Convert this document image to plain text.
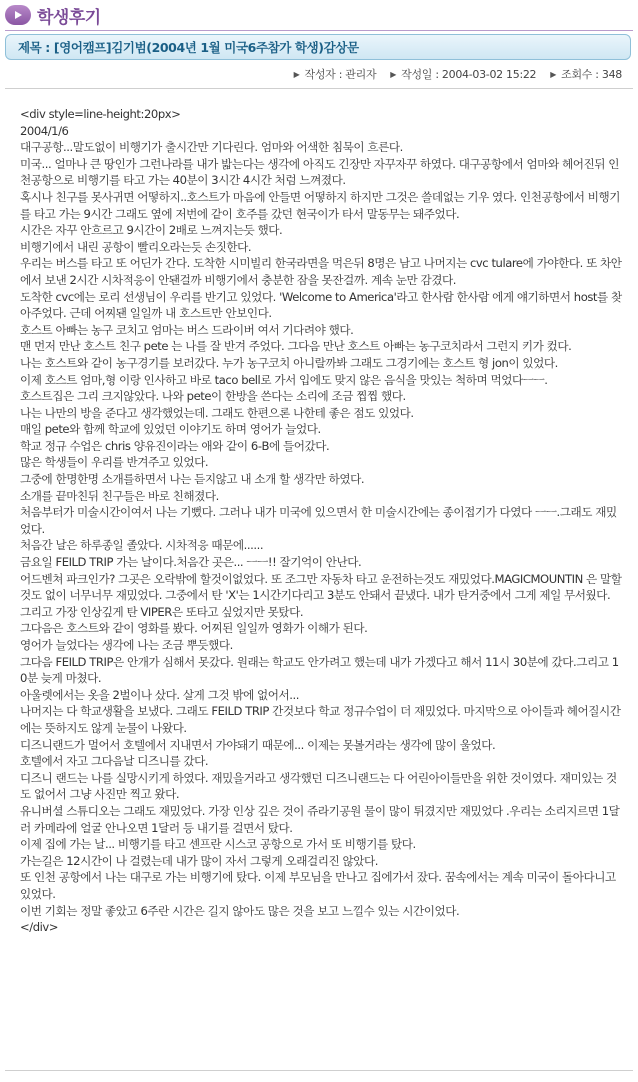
학생후기
제목 : [영어캠프]김기범(2004년 1월 미국6주참가 학생)감상문
▶ 작성자 : 관리자 ▶ 작성일 : 2004-03-02 15:22 ▶ 조회수 : 348

<div style=line-height:20px>

2004/1/6

대구공항...말도없이 비행기가 출시간만 기다린다. 엄마와 어색한 침묵이 흐른다.

미국... 얼마나 큰 땅인가 그런나라를 내가 밟는다는 생각에 아직도 긴장만 자꾸자꾸 하였다. 대구공항에서 엄마와 헤어진뒤 인천공항으로 비행기를 타고 가는 40분이 3시간 4시간 처럼 느껴졌다.

혹시나 친구를 못사귀면 어떻하지..호스트가 마음에 안들면 어떻하지 하지만 그것은 쓸데없는 기우 였다. 인천공항에서 비행기를 타고 가는 9시간 그래도 옆에 저번에 같이 호주를 갔던 현국이가 타서 말동무는 돼주었다.

시간은 자꾸 안흐르고 9시간이 2배로 느껴지는듯 했다.

비행기에서 내린 공항이 빨리오라는듯 손짓한다.

우리는 버스를 타고 또 어딘가 간다. 도착한 시미빌리 한국라면을 먹은뒤 8명은 남고 나머지는 cvc tulare에 가야한다. 또 차안에서 보낸 2시간 시차적응이 안됀걸까 비행기에서 충분한 잠을 못잔걸까. 계속 눈만 감겼다.

도착한 cvc에는 로리 선생님이 우리를 반기고 있었다. 'Welcome to America'라고 한사람 한사람 에게 얘기하면서 host를 찾아주었다. 근데 어찌됀 일일까 내 호스트만 안보인다.

호스트 아빠는 농구 코치고 엄마는 버스 드라이버 여서 기다려야 했다.

맨 먼저 만난 호스트 친구 pete 는 나를 잘 반겨 주었다. 그다음 만난 호스트 아빠는 농구코치라서 그런지 키가 컸다.

나는 호스트와 같이 농구경기를 보러갔다. 누가 농구코치 아니랄까봐 그래도 그경기에는 호스트 형 jon이 있었다.

이제 호스트 엄마,형 이랑 인사하고 바로 taco bell로 가서 입에도 맞지 않은 음식을 맛있는 척하며 먹었다ㅡㅡ.

호스트집은 그리 크지않았다. 나와 pete이 한방을 쓴다는 소리에 조금 찝찝 했다.

나는 나만의 방을 준다고 생각했었는데. 그래도 한편으론 나한테 좋은 점도 있었다.

매일 pete와 함께 학교에 있었던 이야기도 하며 영어가 늘었다.

학교 정규 수업은 chris 양유진이라는 애와 같이 6-B에 들어갔다.

많은 학생들이 우리를 반겨주고 있었다.

그중에 한명한명 소개를하면서 나는 듣지않고 내 소개 할 생각만 하였다.

소개를 끝마친뒤 친구들은 바로 친해졌다.

처음부터가 미술시간이여서 나는 기뻤다. 그러나 내가 미국에 있으면서 한 미술시간에는 종이접기가 다였다 ㅡㅡ.그래도 재밌었다.

처음간 날은 하루종일 졸았다. 시차적응 때문에......

금요일 FEILD TRIP 가는 날이다.처음간 곳은... ㅡㅡ!! 잘기억이 안난다.

어드벤쳐 파크인가? 그곳은 오락밖에 할것이없었다. 또 조그만 자동차 타고 운전하는것도 재밌었다.MAGICMOUNTIN 은 말할것도 없이 너무너무 재밌었다. 그중에서 탄 'X'는 1시간기다리고 3분도 안돼서 끝냈다. 내가 탄거중에서 그게 제일 무서웠다.

그리고 가장 인상깊게 탄 VIPER은 또타고 싶었지만 못탔다.

그다음은 호스트와 같이 영화를 봤다. 어찌된 일일까 영화가 이해가 된다.

영어가 늘었다는 생각에 나는 조금 뿌듯했다.

그다음 FEILD TRIP은 안개가 심해서 못갔다. 원래는 학교도 안가려고 했는데 내가 가겠다고 해서 11시 30분에 갔다.그리고 10분 늦게 마쳤다.

아울렛에서는 옷을 2벌이나 샀다. 살게 그것 밖에 없어서...

나머지는 다 학교생활을 보냈다. 그래도 FEILD TRIP 간것보다 학교 정규수업이 더 재밌었다. 마지막으로 아이들과 헤어질시간에는 뜻하지도 않게 눈물이 나왔다.

디즈니랜드가 멀어서 호텔에서 지내면서 가야돼기 때문에... 이제는 못볼거라는 생각에 많이 울었다.

호텔에서 자고 그다음날 디즈니를 갔다.

디즈니 랜드는 나를 실망시키게 하였다. 재밌을거라고 생각했던 디즈니랜드는 다 어린아이들만을 위한 것이였다. 재미있는 것도 없어서 그냥 사진만 찍고 왔다.

유니버셜 스튜디오는 그래도 재밌었다. 가장 인상 깊은 것이 쥬라기공원 물이 많이 튀겼지만 재밌었다 .우리는 소리지르면 1달러 카메라에 얼굴 안나오면 1달러 등 내기를 걸면서 탔다.

이제 집에 가는 날... 비행기를 타고 센프란 시스코 공항으로 가서 또 비행기를 탔다.

가는길은 12시간이 나 걸렸는데 내가 많이 자서 그렇게 오래걸리진 않았다.

또 인천 공항에서 나는 대구로 가는 비행기에 탔다. 이제 부모님을 만나고 집에가서 잤다. 꿈속에서는 계속 미국이 돌아다니고 있었다.

이번 기회는 정말 좋았고 6주란 시간은 길지 않아도 많은 것을 보고 느낄수 있는 시간이었다.

</div>
